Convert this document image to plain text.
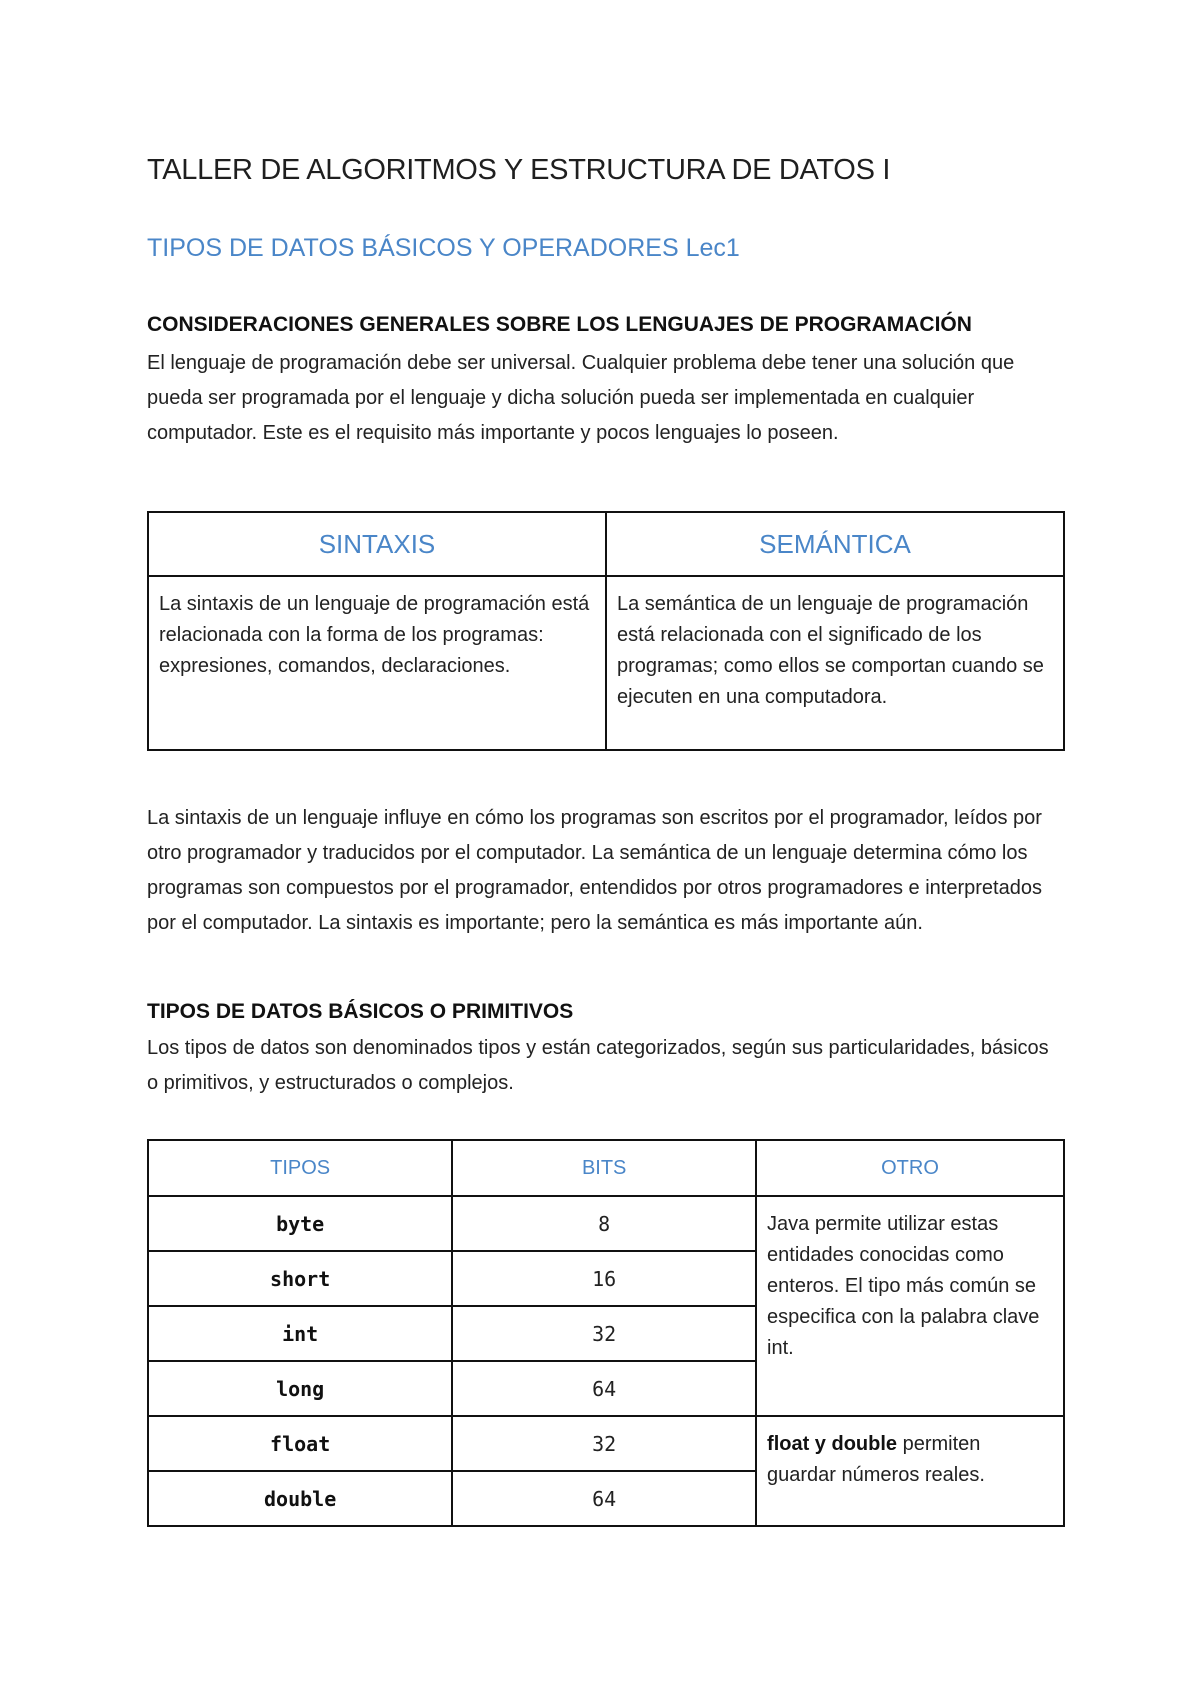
TALLER DE ALGORITMOS Y ESTRUCTURA DE DATOS I
TIPOS DE DATOS BÁSICOS Y OPERADORES Lec1
CONSIDERACIONES GENERALES SOBRE LOS LENGUAJES DE PROGRAMACIÓN

El lenguaje de programación debe ser universal. Cualquier problema debe tener una solución que pueda ser programada por el lenguaje y dicha solución pueda ser implementada en cualquier computador. Este es el requisito más importante y pocos lenguajes lo poseen.

SINTAXIS	SEMÁNTICA
La sintaxis de un lenguaje de programación está relacionada con la forma de los programas: expresiones, comandos, declaraciones.	La semántica de un lenguaje de programación está relacionada con el significado de los programas; como ellos se comportan cuando se ejecuten en una computadora.

La sintaxis de un lenguaje influye en cómo los programas son escritos por el programador, leídos por otro programador y traducidos por el computador. La semántica de un lenguaje determina cómo los programas son compuestos por el programador, entendidos por otros programadores e interpretados por el computador. La sintaxis es importante; pero la semántica es más importante aún.

TIPOS DE DATOS BÁSICOS O PRIMITIVOS

Los tipos de datos son denominados tipos y están categorizados, según sus particularidades, básicos o primitivos, y estructurados o complejos.

TIPOS	BITS	OTRO
byte	8	Java permite utilizar estas entidades conocidas como enteros. El tipo más común se especifica con la palabra clave int.
short	16	
int	32	
long	64	
float	32	float y double permiten guardar números reales.
double	64	
